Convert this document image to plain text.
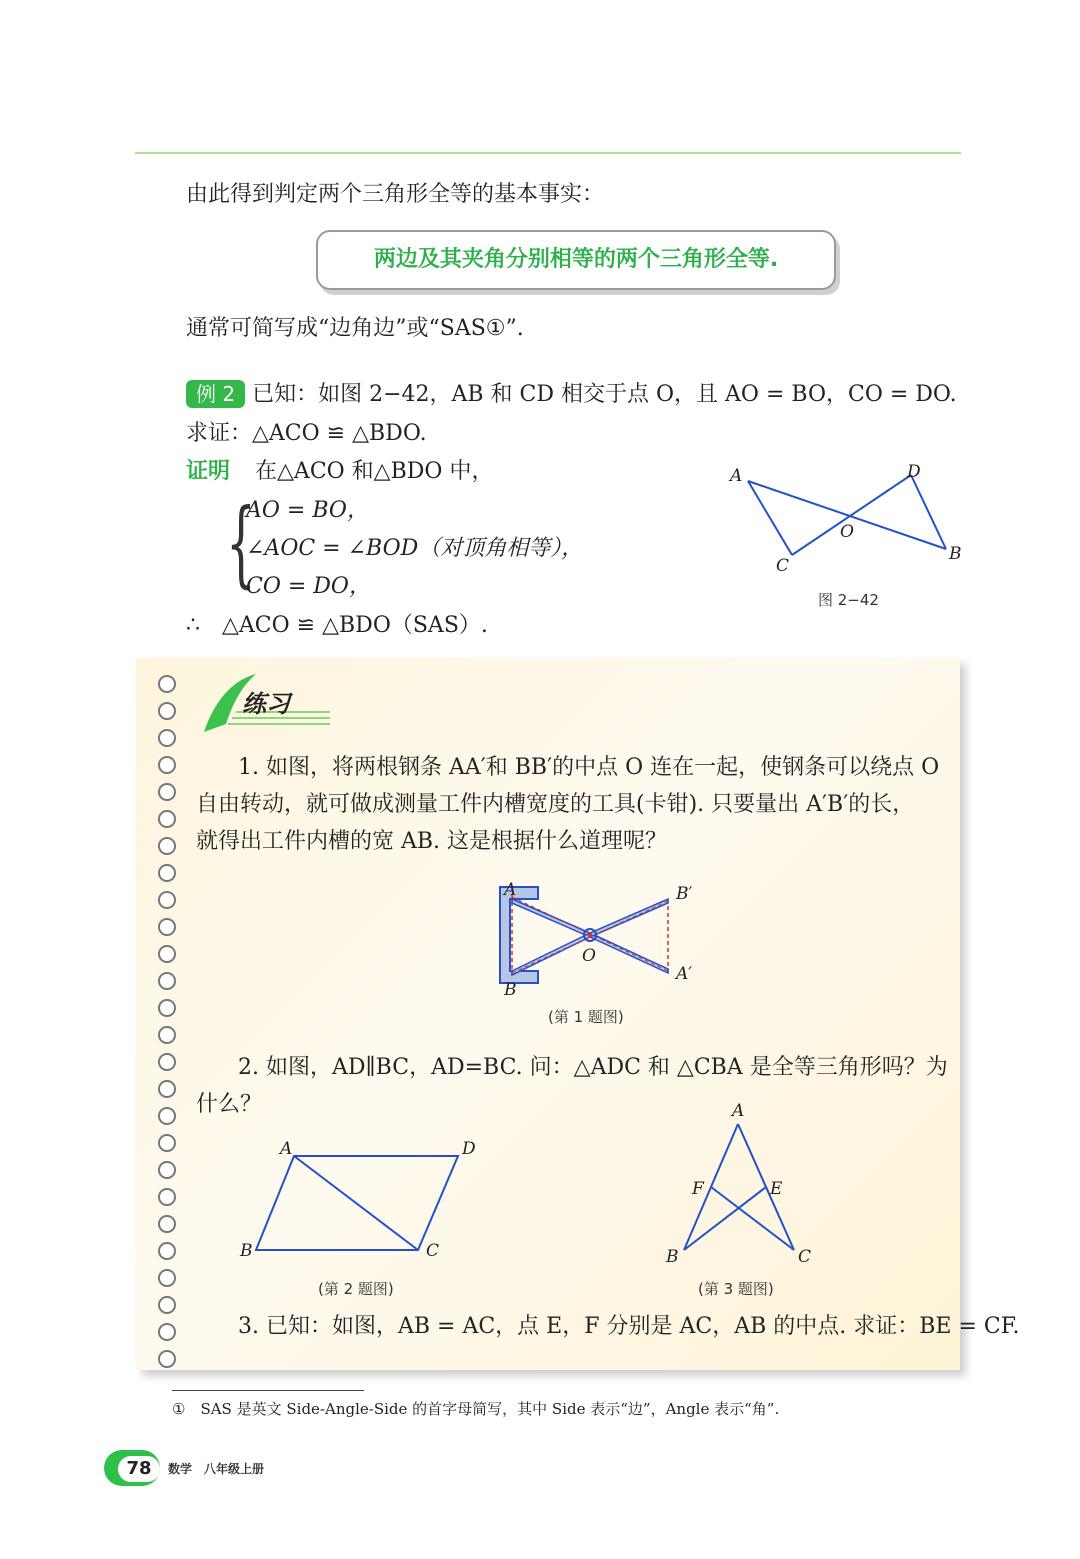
由此得到判定两个三角形全等的基本事实：
两边及其夹角分别相等的两个三角形全等.
通常可简写成“边角边”或“SAS①”.
例 2 已知：如图 2−42，AB 和 CD 相交于点 O，且 AO = BO，CO = DO.
求证：△ACO ≌ △BDO.
证明 在△ACO 和△BDO 中，
{
AO = BO，
∠AOC = ∠BOD（对顶角相等），
CO = DO，
∴　△ACO ≌ △BDO（SAS）.
A	D
O
C
B
图 2−42
练习
1. 如图，将两根钢条 AA′和 BB′的中点 O 连在一起，使钢条可以绕点 O
自由转动，就可做成测量工件内槽宽度的工具(卡钳). 只要量出 A′B′的长，
就得出工件内槽的宽 AB. 这是根据什么道理呢？
A
B
B′
A′
O
(第 1 题图)
2. 如图，AD∥BC，AD=BC. 问：△ADC 和 △CBA 是全等三角形吗？为
什么？
A	D
B	C
(第 2 题图)
A
F	E
B	C
(第 3 题图)
3. 已知：如图，AB = AC，点 E，F 分别是 AC，AB 的中点. 求证：BE = CF.
①　SAS 是英文 Side-Angle-Side 的首字母简写，其中 Side 表示“边”，Angle 表示“角”.
78	数学　八年级上册
